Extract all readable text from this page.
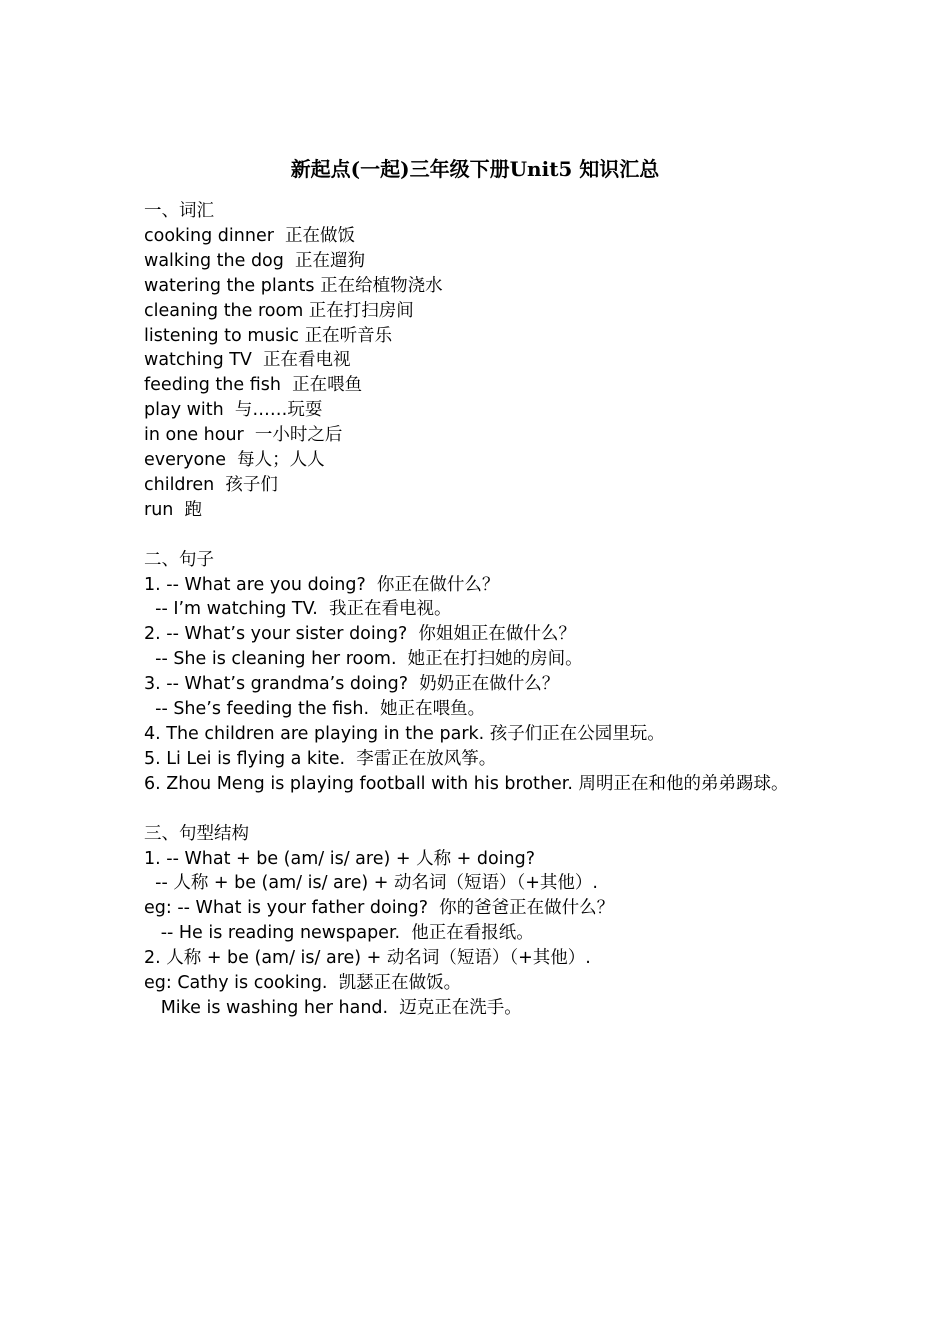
新起点(一起)三年级下册Unit5 知识汇总
一、词汇
cooking dinner  正在做饭
walking the dog  正在遛狗
watering the plants 正在给植物浇水
cleaning the room 正在打扫房间
listening to music 正在听音乐
watching TV  正在看电视
feeding the fish  正在喂鱼
play with  与……玩耍
in one hour  一小时之后
everyone  每人；人人
children  孩子们
run  跑
二、句子
1. -- What are you doing?  你正在做什么？
-- I’m watching TV.  我正在看电视。
2. -- What’s your sister doing?  你姐姐正在做什么？
-- She is cleaning her room.  她正在打扫她的房间。
3. -- What’s grandma’s doing?  奶奶正在做什么？
-- She’s feeding the fish.  她正在喂鱼。
4. The children are playing in the park. 孩子们正在公园里玩。
5. Li Lei is flying a kite.  李雷正在放风筝。
6. Zhou Meng is playing football with his brother. 周明正在和他的弟弟踢球。
三、句型结构
1. -- What + be (am/ is/ are) + 人称 + doing?
-- 人称 + be (am/ is/ are) + 动名词（短语）（+其他）.
eg: -- What is your father doing?  你的爸爸正在做什么？
-- He is reading newspaper.  他正在看报纸。
2. 人称 + be (am/ is/ are) + 动名词（短语）（+其他）.
eg: Cathy is cooking.  凯瑟正在做饭。
Mike is washing her hand.  迈克正在洗手。
